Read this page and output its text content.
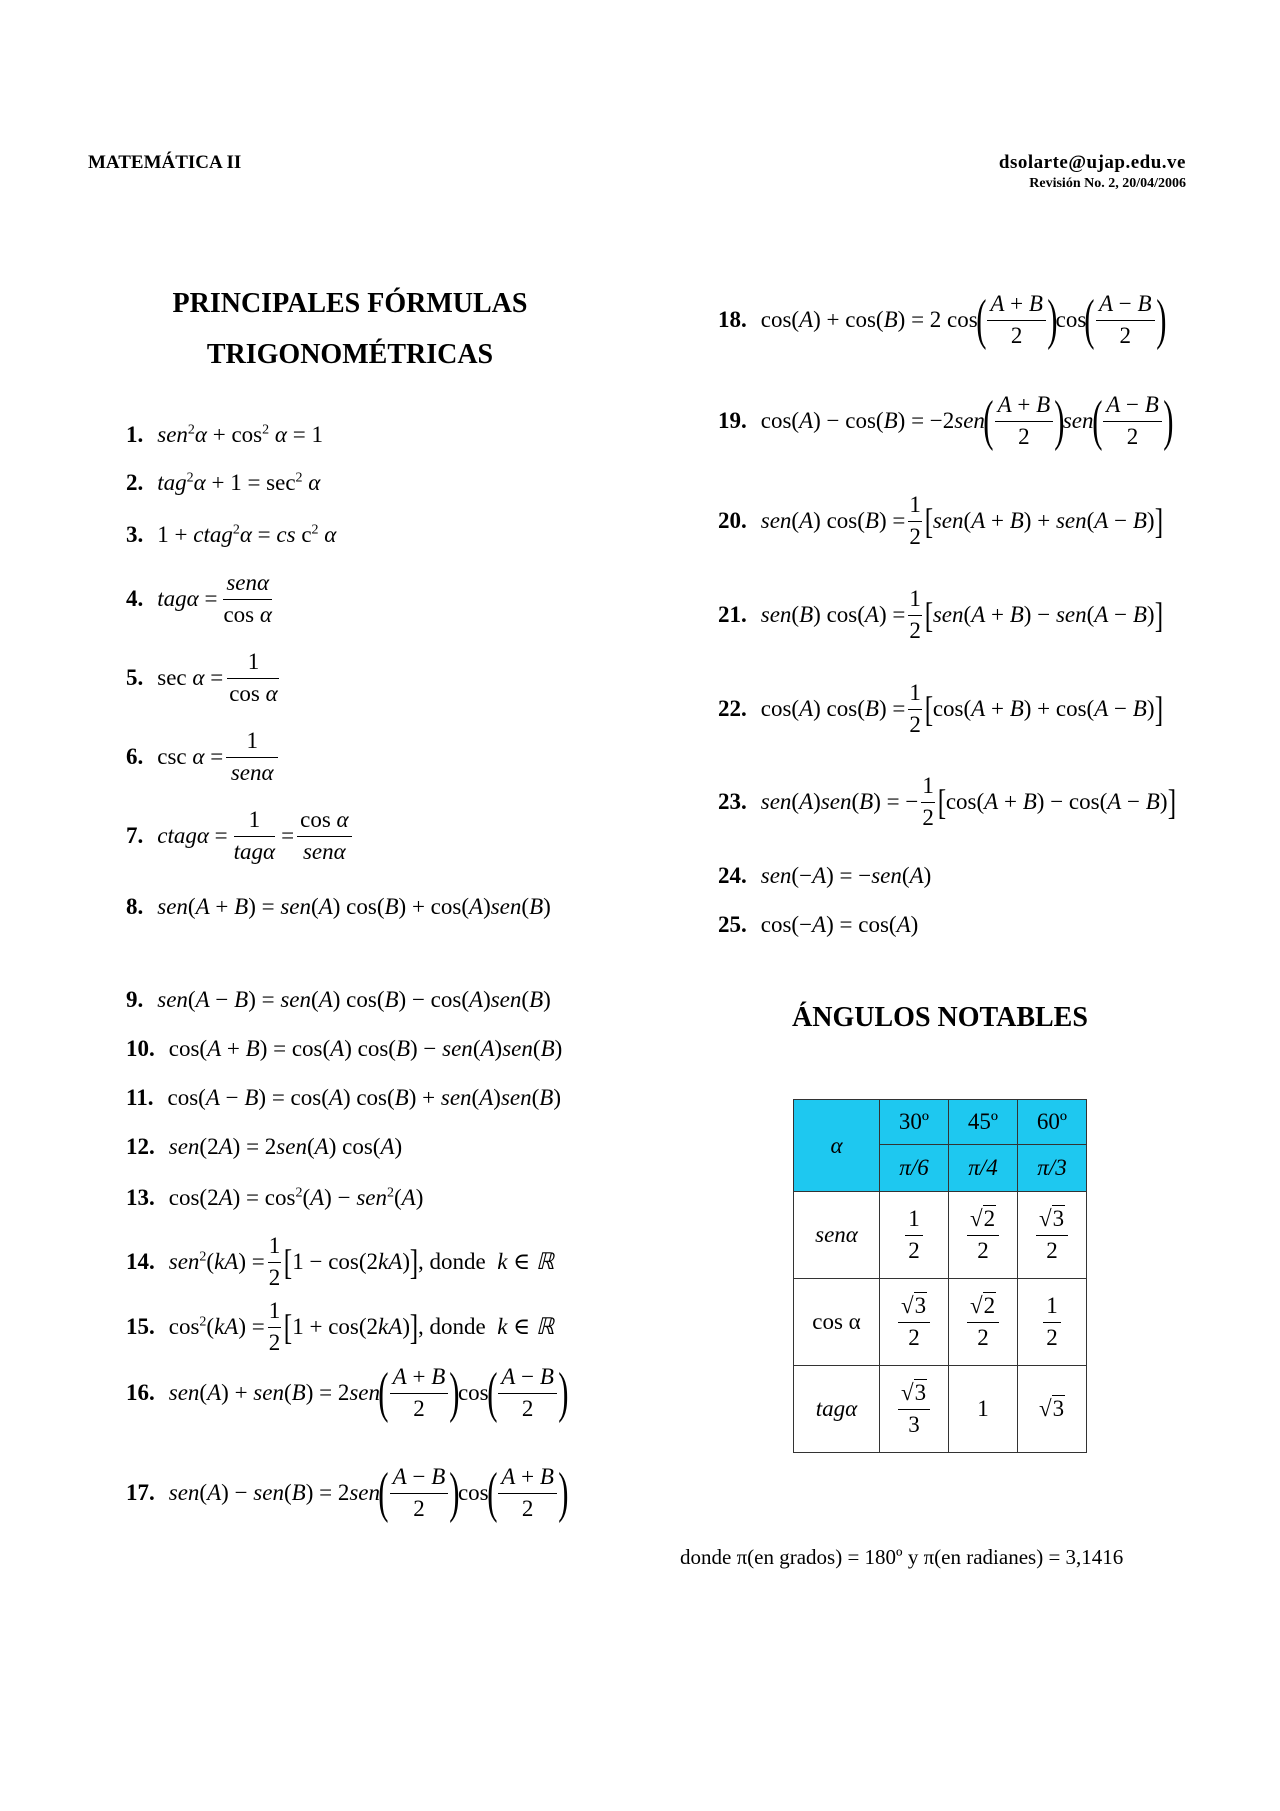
MATEMÁTICA II	dsolarte@ujap.edu.ve
Revisión No. 2, 20/04/2006
PRINCIPALES FÓRMULAS
TRIGONOMÉTRICAS
1. $sen^2\alpha + \cos^2 \alpha = 1$
2. $tag^2\alpha + 1 = \sec^2 \alpha$
3. 1 + ctag$^2$α = cs $c^2$ α
4. $tag\alpha = \frac{\text{senα}}{\text{cos α}}$
5. $\sec \alpha = \frac{1}{\text{cos α}}$
6. $\csc \alpha = \frac{1}{\text{senα}}$
7. ctagα = $\frac{1}{\text{tagα}} = \frac{\text{cos α}}{\text{senα}}$
8. sen(A + B) = sen(A) cos(B) + cos(A)sen(B)
9. sen(A − B) = sen(A) cos(B) − cos(A)sen(B)
10. cos(A + B) = cos(A) cos(B) − sen(A)sen(B)
11. cos(A − B) = cos(A) cos(B) + sen(A)sen(B)
12. sen(2A) = 2sen(A) cos(A)
13. $\cos(2A) = \cos^2(A) - sen^2(A)$
14. $sen^2(kA) = \frac{1}{2}$ [ 1 − cos(2kA) ] , donde
k ∈ ℝ
15. $\cos^2(kA) = \frac{1}{2}$ [ 1 + cos(2kA) ] , donde
k ∈ ℝ
16. sen(A) + sen(B) = 2sen
( $\frac{A + B}{2}$ )
cos
( $\frac{A - B}{2}$ )
17. sen(A) − sen(B) = 2sen
( $\frac{A - B}{2}$ )
cos
( $\frac{A + B}{2}$ )
18. cos(A) + cos(B) = 2 cos
( $\frac{A + B}{2}$ )
cos
( $\frac{A - B}{2}$ )
19. cos(A) − cos(B) = −2sen
( $\frac{A + B}{2}$ )
sen
( $\frac{A - B}{2}$ )
20. sen(A) $\cos(B) = \frac{1}{2}$ [ sen(A + B) + sen(A − B) ]
21. sen(B) $\cos(A) = \frac{1}{2}$ [ sen(A + B) − sen(A − B) ]
22. cos(A) $\cos(B) = \frac{1}{2}$ [ cos(A + B) + cos(A − B) ]
23. sen(A)sen(B) = − $\frac{1}{2}$ [ cos(A + B) − cos(A − B) ]
24. sen(−A) = −sen(A)
25. cos(−A) = cos(A)
ÁNGULOS NOTABLES
α	30º	45º	60º
	π/6	π/4	π/3
senα	$\frac{1}{2}$	$\frac{√2}{2}$	$\frac{√3}{2}$

cos α	$\frac{√3}{2}$	$\frac{√2}{2}$	$\frac{1}{2}$

tagα	$\frac{√3}{3}$	1	√3
donde π(en grados) = 180º y π(en radianes) = 3,1416
